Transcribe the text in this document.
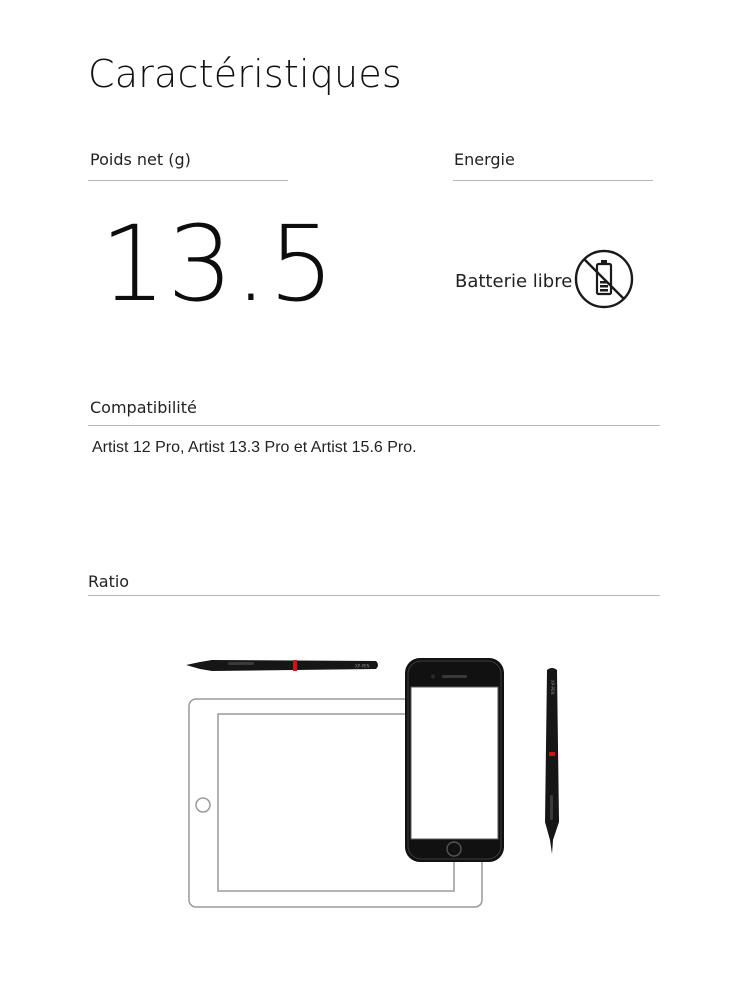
Caractéristiques
Poids net (g)
13.5
Energie
Batterie libre
Compatibilité
Artist 12 Pro, Artist 13.3 Pro et Artist 15.6 Pro.
Ratio
XP-PEN
XP-PEN
